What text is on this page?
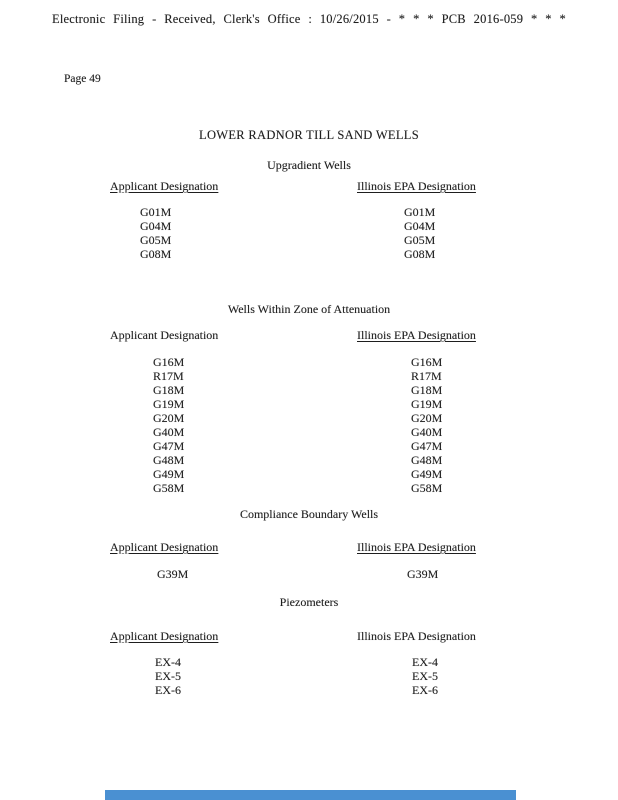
Electronic Filing - Received, Clerk's Office : 10/26/2015 - * * * PCB 2016-059 * * *
Page 49
LOWER RADNOR TILL SAND WELLS
Upgradient Wells
Applicant Designation	Illinois EPA Designation
G01M	G01M
G04M	G04M
G05M	G05M
G08M	G08M
Wells Within Zone of Attenuation
Applicant Designation	Illinois EPA Designation
G16M	G16M
R17M	R17M
G18M	G18M
G19M	G19M
G20M	G20M
G40M	G40M
G47M	G47M
G48M	G48M
G49M	G49M
G58M	G58M
Compliance Boundary Wells
Applicant Designation	Illinois EPA Designation
G39M	G39M
Piezometers
Applicant Designation	Illinois EPA Designation
EX-4	EX-4
EX-5	EX-5
EX-6	EX-6
